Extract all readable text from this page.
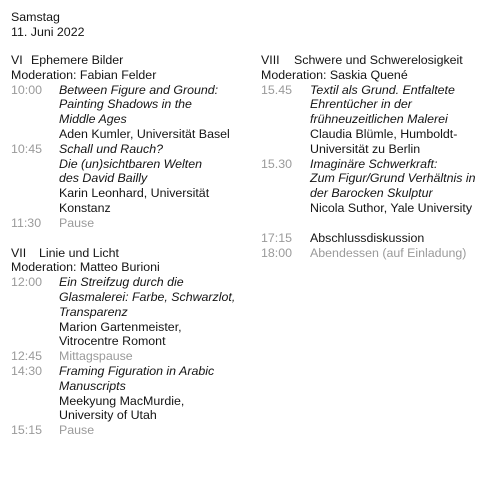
Samstag
11. Juni 2022
VI Ephemere Bilder
Moderation: Fabian Felder
10:00	Between Figure and Ground:
Painting Shadows in the
Middle Ages
Aden Kumler, Universität Basel
10:45	Schall und Rauch?
Die (un)sichtbaren Welten
des David Bailly
Karin Leonhard, Universität
Konstanz
11:30	Pause
VII Linie und Licht
Moderation: Matteo Burioni
12:00	Ein Streifzug durch die
Glasmalerei: Farbe, Schwarzlot,
Transparenz
Marion Gartenmeister,
Vitrocentre Romont
12:45	Mittagspause
14:30	Framing Figuration in Arabic
Manuscripts
Meekyung MacMurdie,
University of Utah
15:15	Pause
VIII Schwere und Schwerelosigkeit
Moderation: Saskia Quené
15.45	Textil als Grund. Entfaltete
Ehrentücher in der
frühneuzeitlichen Malerei
Claudia Blümle, Humboldt-
Universität zu Berlin
15.30	Imaginäre Schwerkraft:
Zum Figur/Grund Verhältnis in
der Barocken Skulptur
Nicola Suthor, Yale University
17:15	Abschlussdiskussion
18:00	Abendessen (auf Einladung)
